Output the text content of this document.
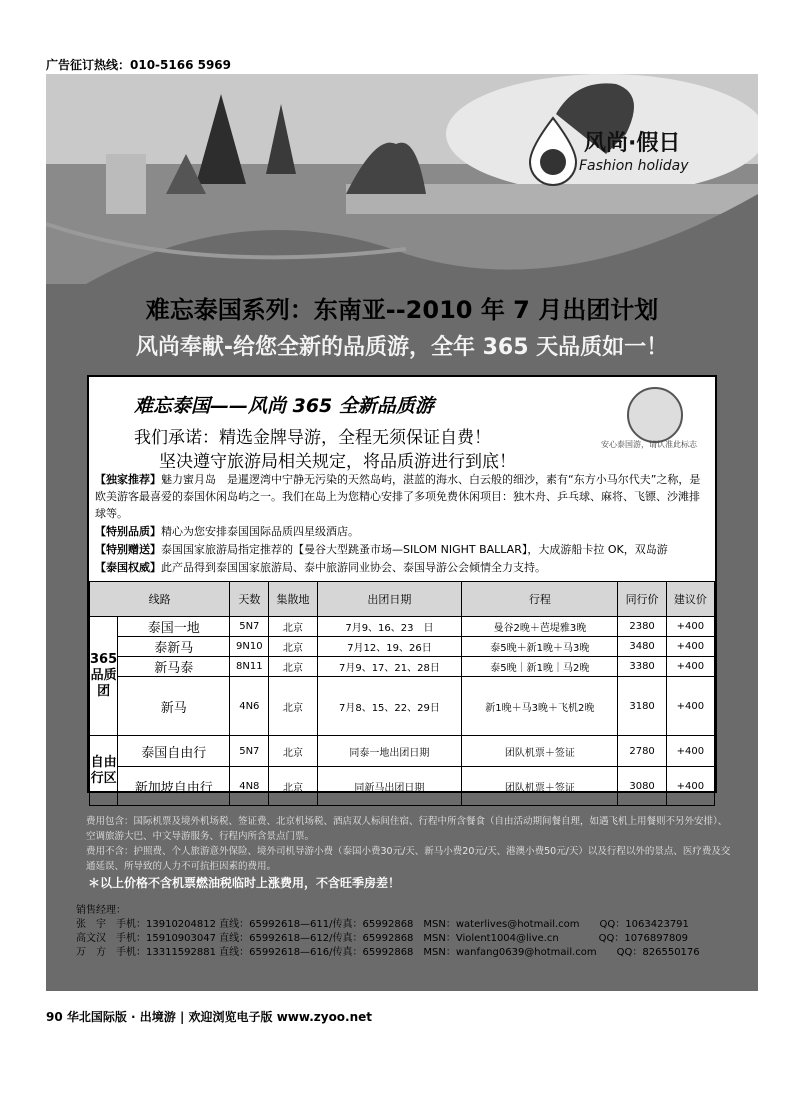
广告征订热线：010-5166 5969
风尚·假日
Fashion holiday
难忘泰国系列：东南亚--2010 年 7 月出团计划
风尚奉献-给您全新的品质游，全年 365 天品质如一！
难忘泰国——风尚 365 全新品质游
我们承诺：精选金牌导游，全程无须保证自费！
坚决遵守旅游局相关规定，将品质游进行到底！
安心泰国游，请认准此标志
【独家推荐】魅力蜜月岛　是暹逻湾中宁静无污染的天然岛屿，湛蓝的海水、白云般的细沙，素有“东方小马尔代夫”之称，是欧美游客最喜爱的泰国休闲岛屿之一。我们在岛上为您精心安排了多项免费休闲项目：独木舟、乒乓球、麻将、飞镖、沙滩排球等。
【特别品质】精心为您安排泰国国际品质四星级酒店。
【特别赠送】泰国国家旅游局指定推荐的【曼谷大型跳蚤市场—SILOM NIGHT BALLAR】，大成游船卡拉 OK，双岛游
【泰国权威】此产品得到泰国国家旅游局、泰中旅游同业协会、泰国导游公会倾情全力支持。
线路		天数	集散地	出团日期	行程	同行价	建议价
365品质团	泰国一地	5N7	北京	7月9、16、23　日	曼谷2晚＋芭堤雅3晚	2380	+400
	泰新马	9N10	北京	7月12、19、26日	泰5晚＋新1晚＋马3晚	3480	+400
	新马泰	8N11	北京	7月9、17、21、28日	泰5晚｜新1晚｜马2晚	3380	+400
	新马	4N6	北京	7月8、15、22、29日	新1晚＋马3晚＋飞机2晚	3180	+400
自由行区	泰国自由行	5N7	北京	同泰一地出团日期	团队机票＋签证	2780	+400
	新加坡自由行	4N8	北京	同新马出团日期	团队机票＋签证	3080	+400
费用包含：国际机票及境外机场税、签证费、北京机场税、酒店双人标间住宿、行程中所含餐食（自由活动期间餐自理，如遇飞机上用餐则不另外安排）、空调旅游大巴、中文导游服务、行程内所含景点门票。
费用不含：护照费、个人旅游意外保险、境外司机导游小费（泰国小费30元/天、新马小费20元/天、港澳小费50元/天）以及行程以外的景点、医疗费及交通延误、所导致的人力不可抗拒因素的费用。
＊以上价格不含机票燃油税临时上涨费用，不含旺季房差！
销售经理：
张　宇　手机：13910204812 直线：65992618—611/传真：65992868　MSN：waterlives@hotmail.com　　QQ：1063423791
高文汉　手机：15910903047 直线：65992618—612/传真：65992868　MSN：Violent1004@live.cn　　　　QQ：1076897809
万　方　手机：13311592881 直线：65992618—616/传真：65992868　MSN：wanfang0639@hotmail.com　　QQ：826550176
90 华北国际版 · 出境游 | 欢迎浏览电子版 www.zyoo.net
